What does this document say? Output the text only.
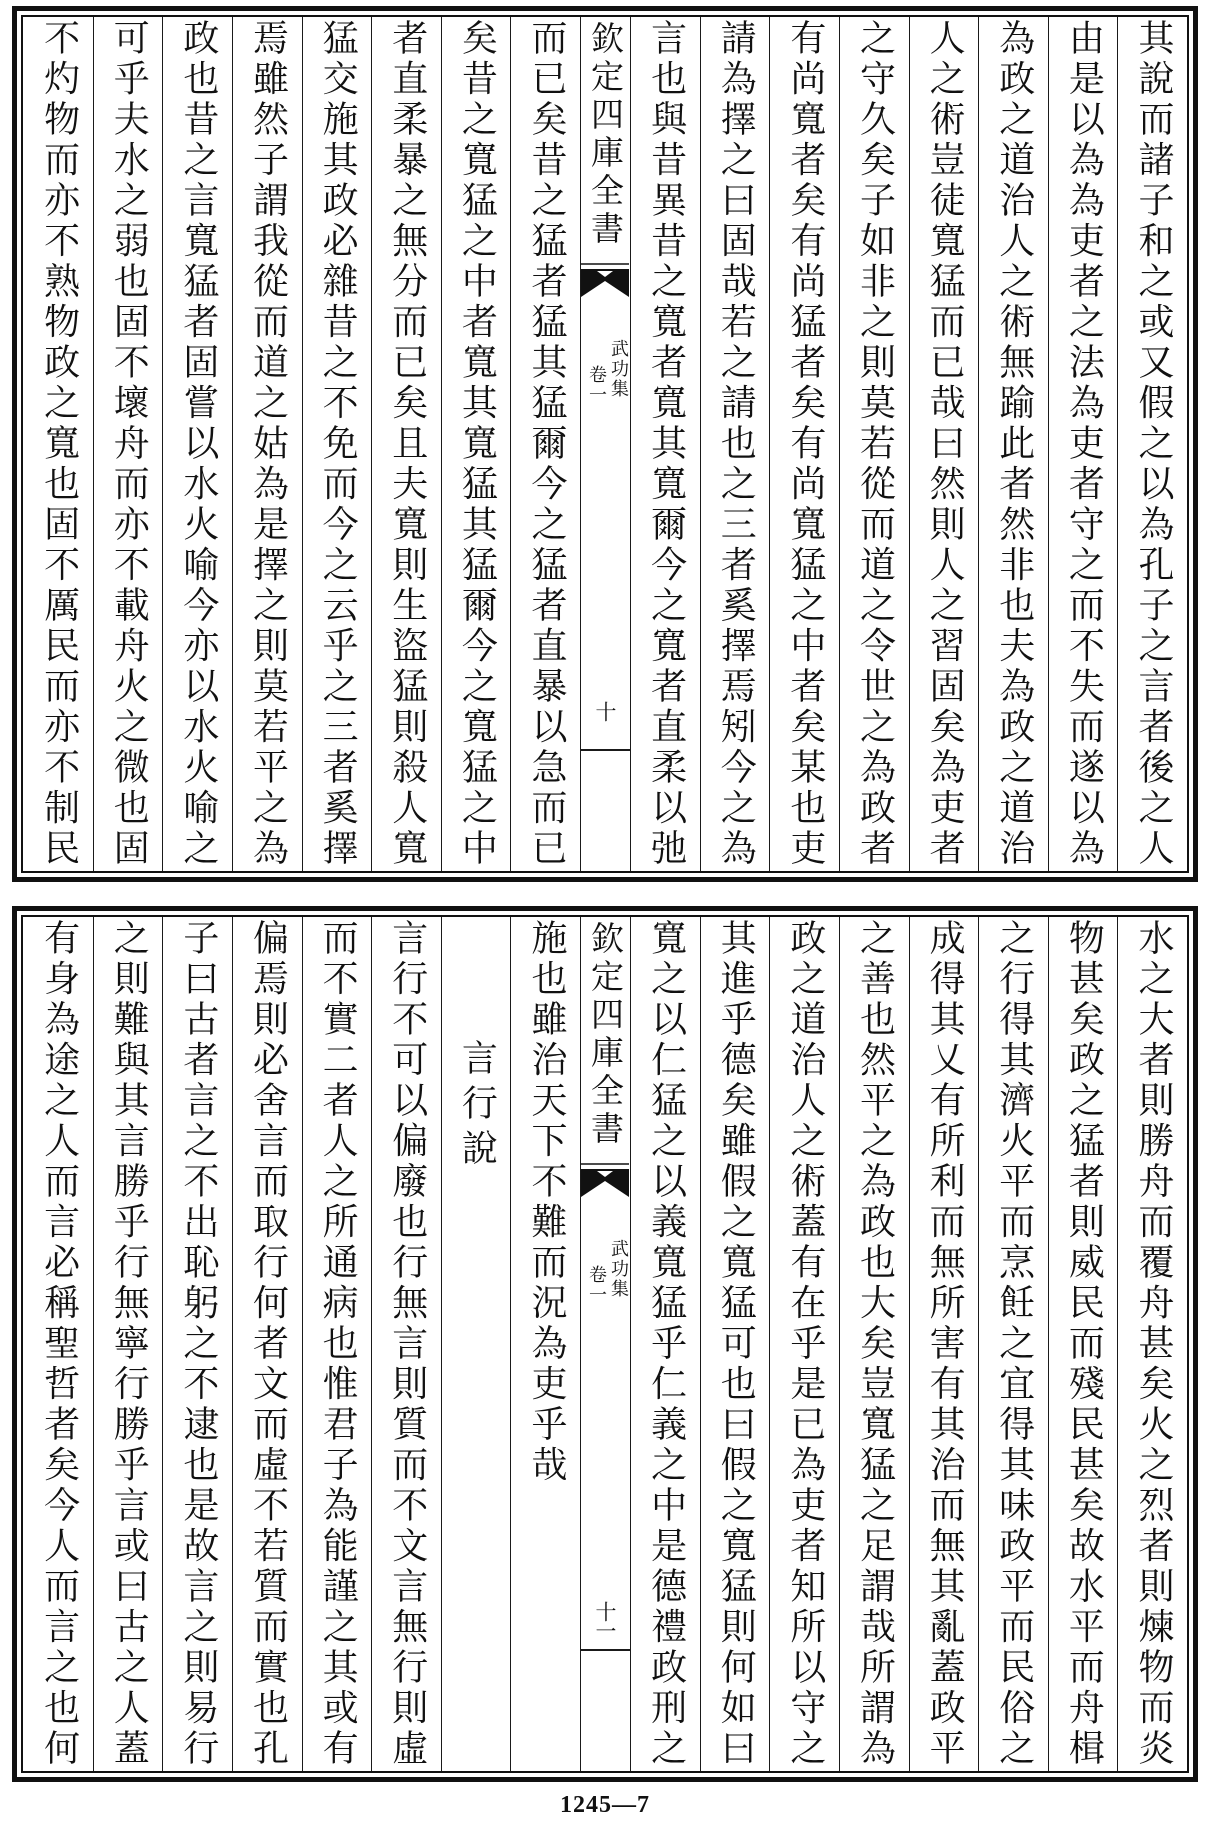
其說而諸子和之或又假之以為孔子之言者後之人
由是以為為吏者之法為吏者守之而不失而遂以為
為政之道治人之術無踰此者然非也夫為政之道治
人之術豈徒寬猛而已哉曰然則人之習固矣為吏者
之守久矣子如非之則莫若從而道之令世之為政者
有尚寬者矣有尚猛者矣有尚寬猛之中者矣某也吏
請為擇之曰固哉若之請也之三者奚擇焉矧今之為
言也與昔異昔之寬者寬其寬爾今之寬者直柔以弛
欽定四庫全書
武功集
卷一
十
而已矣昔之猛者猛其猛爾今之猛者直暴以急而已
矣昔之寬猛之中者寬其寬猛其猛爾今之寬猛之中
者直柔暴之無分而已矣且夫寬則生盜猛則殺人寬
猛交施其政必雜昔之不免而今之云乎之三者奚擇
焉雖然子謂我從而道之姑為是擇之則莫若平之為
政也昔之言寬猛者固嘗以水火喻今亦以水火喻之
可乎夫水之弱也固不壞舟而亦不載舟火之微也固
不灼物而亦不熟物政之寬也固不厲民而亦不制民
水之大者則勝舟而覆舟甚矣火之烈者則煉物而炎
物甚矣政之猛者則威民而殘民甚矣故水平而舟楫
之行得其濟火平而烹飪之宜得其味政平而民俗之
成得其乂有所利而無所害有其治而無其亂蓋政平
之善也然平之為政也大矣豈寬猛之足謂哉所謂為
政之道治人之術蓋有在乎是已為吏者知所以守之
其進乎德矣雖假之寬猛可也曰假之寬猛則何如曰
寬之以仁猛之以義寬猛乎仁義之中是德禮政刑之
欽定四庫全書
武功集
卷一
十一
施也雖治天下不難而況為吏乎哉
言行說
言行不可以偏廢也行無言則質而不文言無行則虛
而不實二者人之所通病也惟君子為能謹之其或有
偏焉則必舍言而取行何者文而虛不若質而實也孔
子曰古者言之不出恥躬之不逮也是故言之則易行
之則難與其言勝乎行無寧行勝乎言或曰古之人蓋
有身為途之人而言必稱聖哲者矣今人而言之也何
1245—7
